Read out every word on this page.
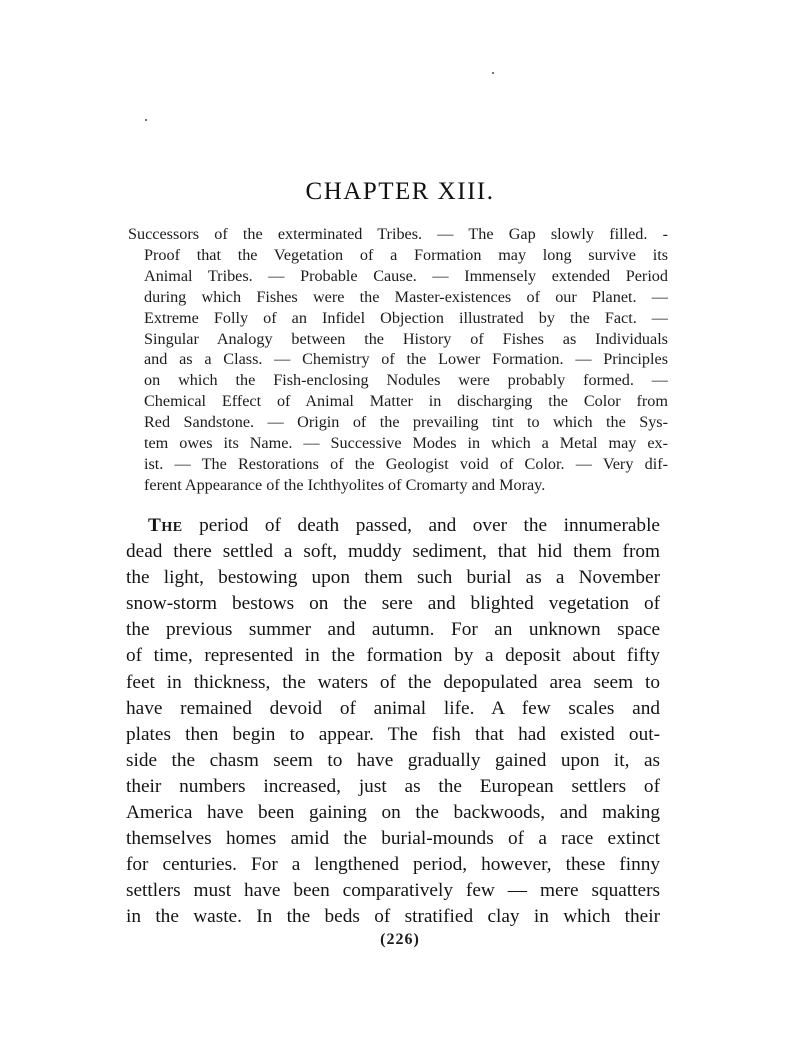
CHAPTER XIII.
Successors of the exterminated Tribes. — The Gap slowly filled. -
Proof that the Vegetation of a Formation may long survive its
Animal Tribes. — Probable Cause. — Immensely extended Period
during which Fishes were the Master-existences of our Planet. —
Extreme Folly of an Infidel Objection illustrated by the Fact. —
Singular Analogy between the History of Fishes as Individuals
and as a Class. — Chemistry of the Lower Formation. — Principles
on which the Fish-enclosing Nodules were probably formed. —
Chemical Effect of Animal Matter in discharging the Color from
Red Sandstone. — Origin of the prevailing tint to which the Sys-
tem owes its Name. — Successive Modes in which a Metal may ex-
ist. — The Restorations of the Geologist void of Color. — Very dif-
ferent Appearance of the Ichthyolites of Cromarty and Moray.
The period of death passed, and over the innumerable
dead there settled a soft, muddy sediment, that hid them from
the light, bestowing upon them such burial as a November
snow-storm bestows on the sere and blighted vegetation of
the previous summer and autumn. For an unknown space
of time, represented in the formation by a deposit about fifty
feet in thickness, the waters of the depopulated area seem to
have remained devoid of animal life. A few scales and
plates then begin to appear. The fish that had existed out-
side the chasm seem to have gradually gained upon it, as
their numbers increased, just as the European settlers of
America have been gaining on the backwoods, and making
themselves homes amid the burial-mounds of a race extinct
for centuries. For a lengthened period, however, these finny
settlers must have been comparatively few — mere squatters
in the waste. In the beds of stratified clay in which their
(226)
